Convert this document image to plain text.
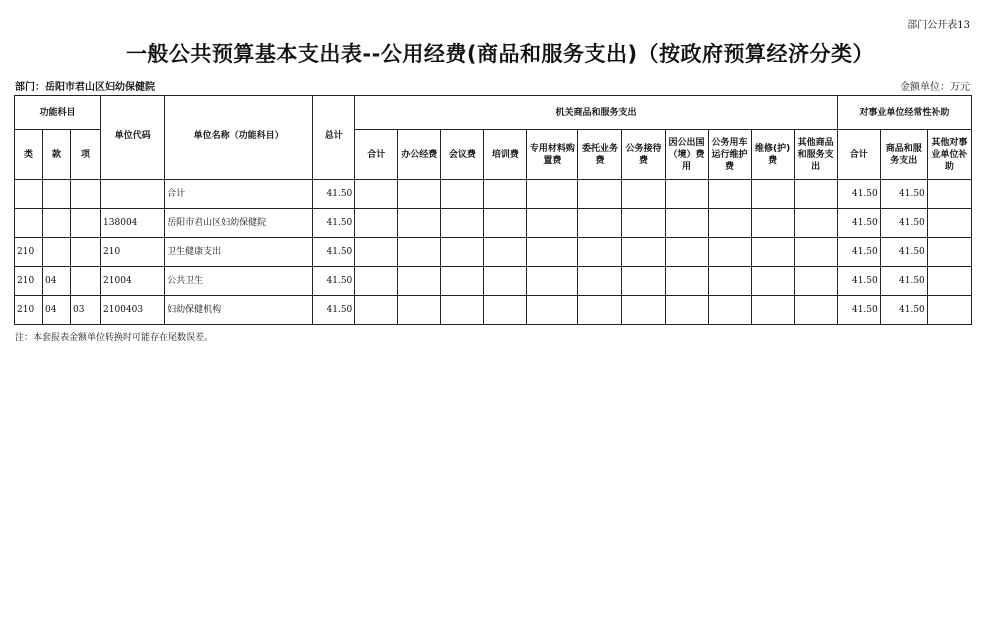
部门公开表13
一般公共预算基本支出表--公用经费(商品和服务支出)（按政府预算经济分类）
部门：岳阳市君山区妇幼保健院	金额单位：万元
功能科目			单位代码	单位名称（功能科目）	总计	机关商品和服务支出											对事业单位经常性补助		
类	款	项				合计	办公经费	会议费	培训费	专用材料购置费	委托业务费	公务接待费	因公出国（境）费用	公务用车运行维护费	维修(护)费	其他商品和服务支出	合计	商品和服务支出	其他对事业单位补助
				合计	41.50												41.50	41.50	
			138004	岳阳市君山区妇幼保健院	41.50												41.50	41.50	
210			210	卫生健康支出	41.50												41.50	41.50	
210	04		21004	公共卫生	41.50												41.50	41.50	
210	04	03	2100403	妇幼保健机构	41.50												41.50	41.50	
注：本套报表金额单位转换时可能存在尾数误差。
